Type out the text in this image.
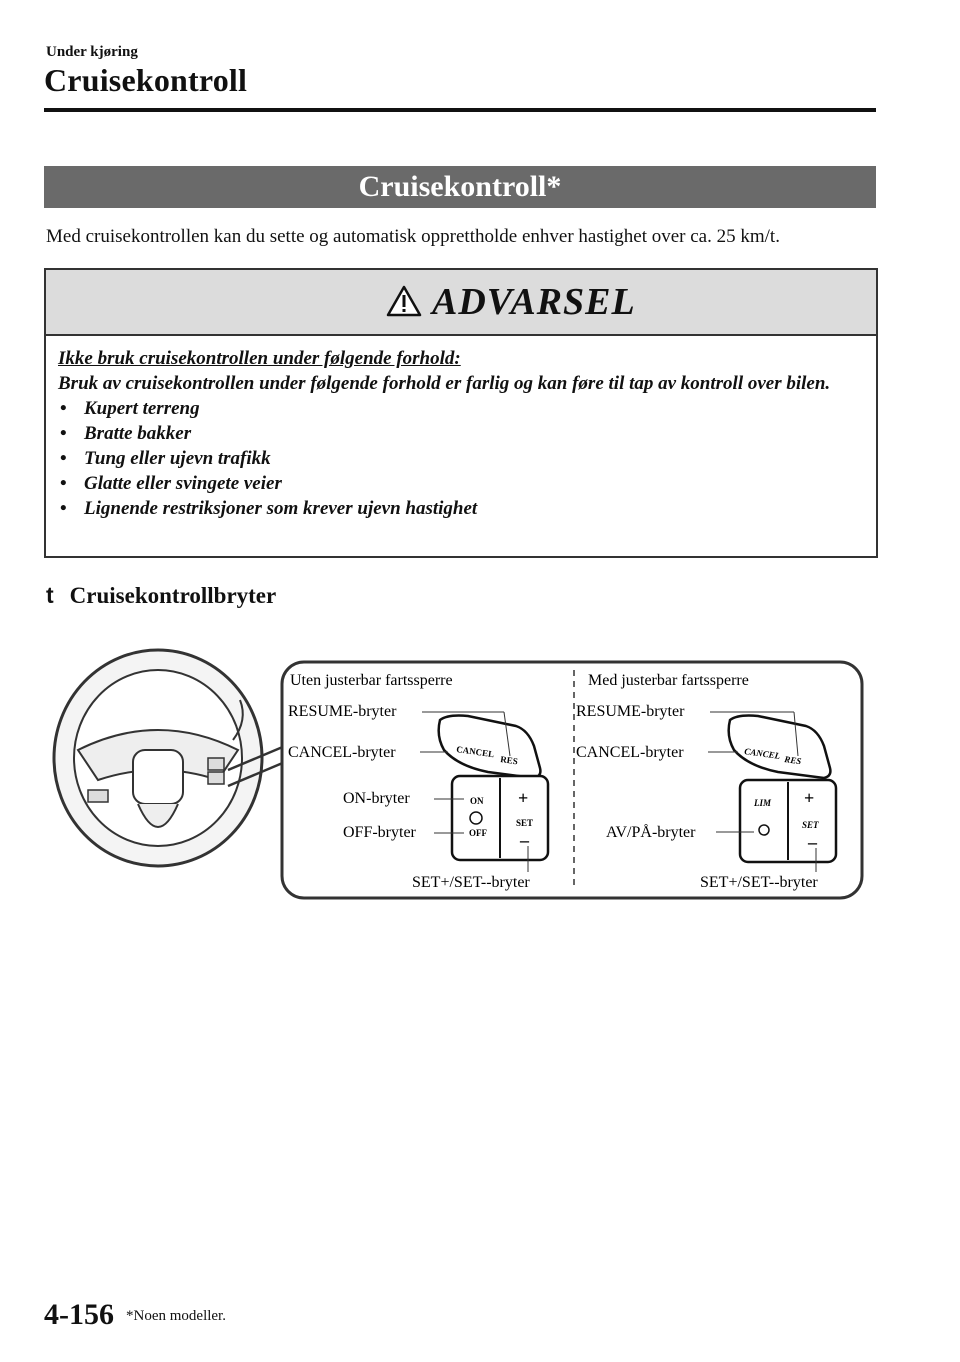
Under kjøring
Cruisekontroll
Cruisekontroll*
Med cruisekontrollen kan du sette og automatisk opprettholde enhver hastighet over ca. 25 km/t.
ADVARSEL
Ikke bruk cruisekontrollen under følgende forhold:
Bruk av cruisekontrollen under følgende forhold er farlig og kan føre til tap av kontroll over bilen.
• Kupert terreng
• Bratte bakker
• Tung eller ujevn trafikk
• Glatte eller svingete veier
• Lignende restriksjoner som krever ujevn hastighet
t Cruisekontrollbryter
Uten justerbar fartssperre
RESUME-bryter
CANCEL-bryter
ON-bryter
OFF-bryter
SET+/SET--bryter
CANCEL
RES
ON
OFF
+
SET
–
Med justerbar fartssperre
RESUME-bryter
CANCEL-bryter
AV/PÅ-bryter
SET+/SET--bryter
CANCEL RES
LIM +
SET
–
4-156 *Noen modeller.
